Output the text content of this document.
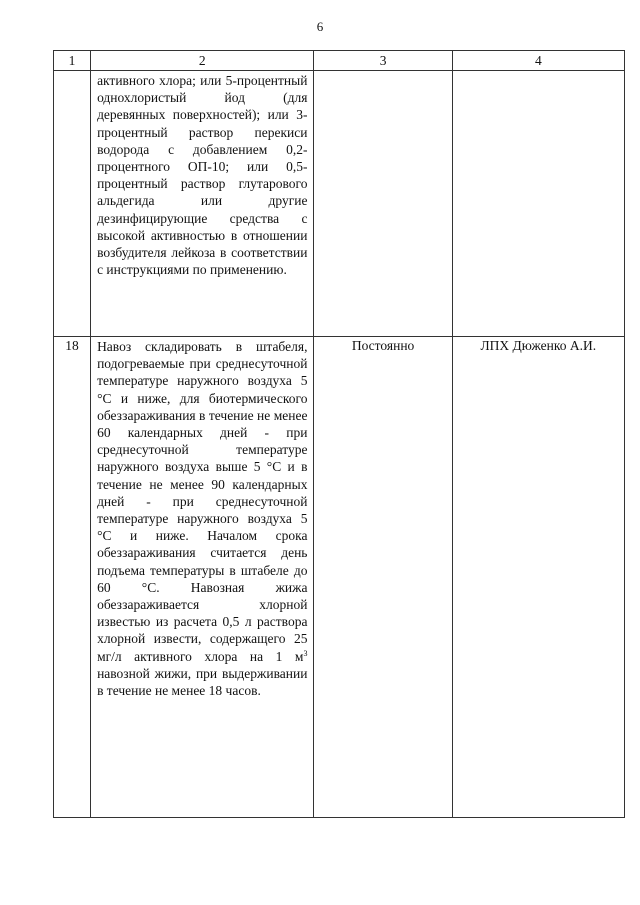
6
1	2	3	4

	активного хлора; или 5-процентный однохлористый йод (для деревянных поверхностей); или 3-процентный раствор перекиси водорода с добавлением 0,2-процентного ОП-10; или 0,5-процентный раствор глутарового альдегида или другие дезинфицирующие средства с высокой активностью в отношении возбудителя лейкоза в соответствии с инструкциями по применению.		

18	Навоз складировать в штабеля, подогреваемые при среднесуточной температуре наружного воздуха 5 °С и ниже, для биотермического обеззараживания в течение не менее 60 календарных дней - при среднесуточной температуре наружного воздуха выше 5 °С и в течение не менее 90 календарных дней - при среднесуточной температуре наружного воздуха 5 °С и ниже. Началом срока обеззараживания считается день подъема температуры в штабеле до 60 °С. Навозная жижа обеззараживается хлорной известью из расчета 0,5 л раствора хлорной извести, содержащего 25 мг/л активного хлора на 1 $м^3$ навозной жижи, при выдерживании в течение не менее 18 часов.	Постоянно	ЛПХ Дюженко А.И.
